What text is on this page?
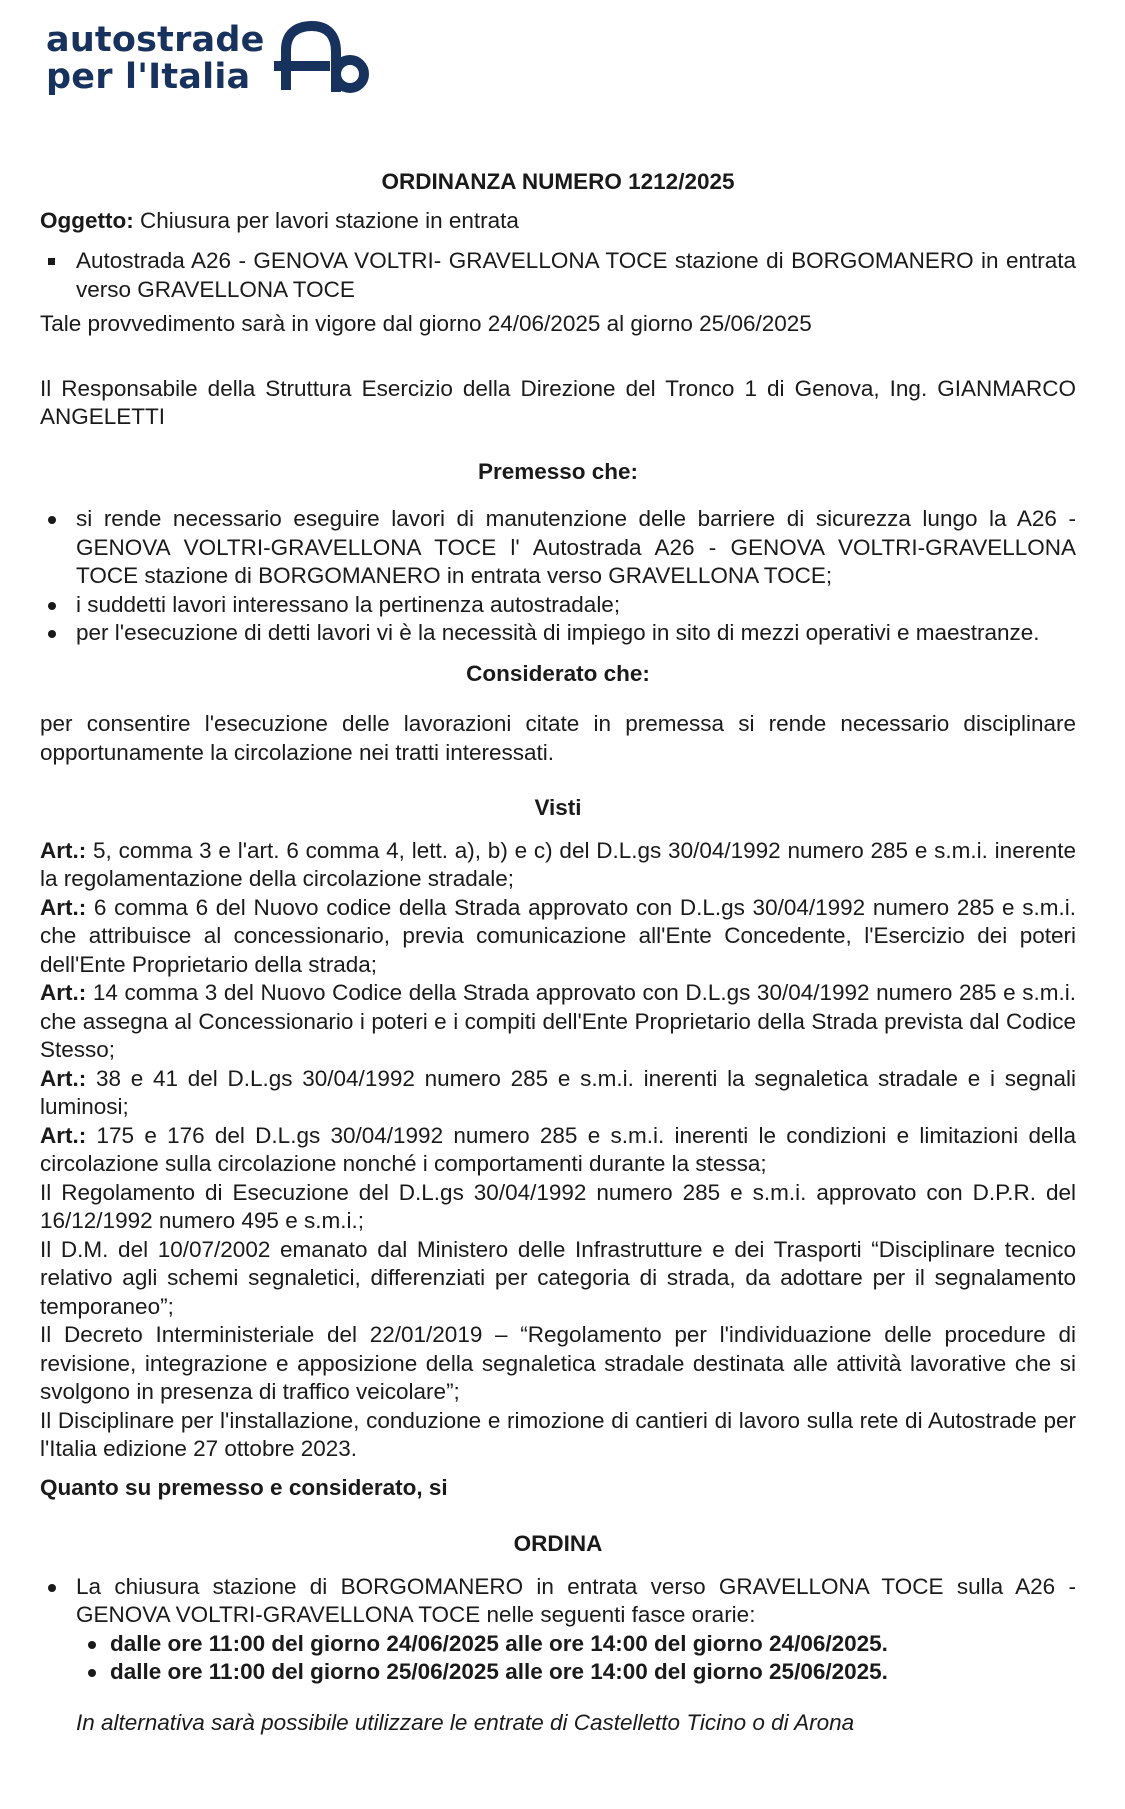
autostrade
per l'Italia

ORDINANZA NUMERO 1212/2025

Oggetto: Chiusura per lavori stazione in entrata

Autostrada A26 - GENOVA VOLTRI- GRAVELLONA TOCE stazione di BORGOMANERO in entrata verso GRAVELLONA TOCE

Tale provvedimento sarà in vigore dal giorno 24/06/2025 al giorno 25/06/2025

Il Responsabile della Struttura Esercizio della Direzione del Tronco 1 di Genova, Ing. GIANMARCO ANGELETTI

Premesso che:

si rende necessario eseguire lavori di manutenzione delle barriere di sicurezza lungo la A26 - GENOVA VOLTRI-GRAVELLONA TOCE l' Autostrada A26 - GENOVA VOLTRI-GRAVELLONA TOCE stazione di BORGOMANERO in entrata verso GRAVELLONA TOCE;
i suddetti lavori interessano la pertinenza autostradale;
per l'esecuzione di detti lavori vi è la necessità di impiego in sito di mezzi operativi e maestranze.

Considerato che:

per consentire l'esecuzione delle lavorazioni citate in premessa si rende necessario disciplinare opportunamente la circolazione nei tratti interessati.

Visti

Art.: 5, comma 3 e l'art. 6 comma 4, lett. a), b) e c) del D.L.gs 30/04/1992 numero 285 e s.m.i. inerente la regolamentazione della circolazione stradale;

Art.: 6 comma 6 del Nuovo codice della Strada approvato con D.L.gs 30/04/1992 numero 285 e s.m.i. che attribuisce al concessionario, previa comunicazione all'Ente Concedente, l'Esercizio dei poteri dell'Ente Proprietario della strada;

Art.: 14 comma 3 del Nuovo Codice della Strada approvato con D.L.gs 30/04/1992 numero 285 e s.m.i. che assegna al Concessionario i poteri e i compiti dell'Ente Proprietario della Strada prevista dal Codice Stesso;

Art.: 38 e 41 del D.L.gs 30/04/1992 numero 285 e s.m.i. inerenti la segnaletica stradale e i segnali luminosi;

Art.: 175 e 176 del D.L.gs 30/04/1992 numero 285 e s.m.i. inerenti le condizioni e limitazioni della circolazione sulla circolazione nonché i comportamenti durante la stessa;

Il Regolamento di Esecuzione del D.L.gs 30/04/1992 numero 285 e s.m.i. approvato con D.P.R. del 16/12/1992 numero 495 e s.m.i.;

Il D.M. del 10/07/2002 emanato dal Ministero delle Infrastrutture e dei Trasporti “Disciplinare tecnico relativo agli schemi segnaletici, differenziati per categoria di strada, da adottare per il segnalamento temporaneo”;

Il Decreto Interministeriale del 22/01/2019 – “Regolamento per l'individuazione delle procedure di revisione, integrazione e apposizione della segnaletica stradale destinata alle attività lavorative che si svolgono in presenza di traffico veicolare”;

Il Disciplinare per l'installazione, conduzione e rimozione di cantieri di lavoro sulla rete di Autostrade per l'Italia edizione 27 ottobre 2023.

Quanto su premesso e considerato, si

ORDINA

La chiusura stazione di BORGOMANERO in entrata verso GRAVELLONA TOCE sulla A26 - GENOVA VOLTRI-GRAVELLONA TOCE nelle seguenti fasce orarie:
dalle ore 11:00 del giorno 24/06/2025 alle ore 14:00 del giorno 24/06/2025.
dalle ore 11:00 del giorno 25/06/2025 alle ore 14:00 del giorno 25/06/2025.

In alternativa sarà possibile utilizzare le entrate di Castelletto Ticino o di Arona
